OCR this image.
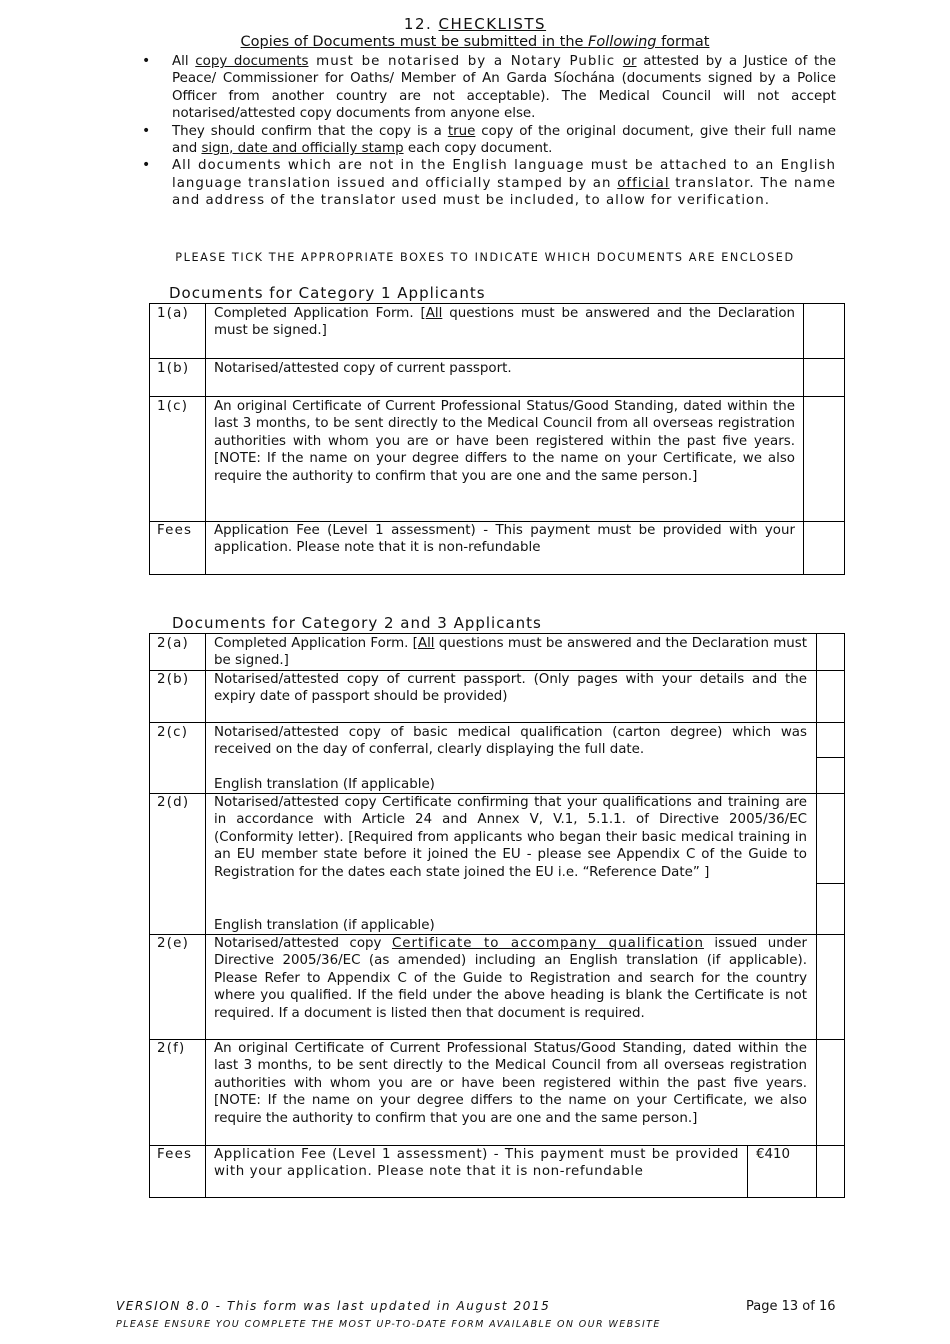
12. CHECKLISTS
Copies of Documents must be submitted in the Following format
• All copy documents must be notarised by a Notary Public or attested by a Justice of the Peace/ Commissioner for Oaths/ Member of An Garda Síochána (documents signed by a Police Officer from another country are not acceptable). The Medical Council will not accept notarised/attested copy documents from anyone else.
• They should confirm that the copy is a true copy of the original document, give their full name and sign, date and officially stamp each copy document.
• All documents which are not in the English language must be attached to an English language translation issued and officially stamped by an official translator. The name and address of the translator used must be included, to allow for verification.
PLEASE TICK THE APPROPRIATE BOXES TO INDICATE WHICH DOCUMENTS ARE ENCLOSED
Documents for Category 1 Applicants
1(a) Completed Application Form. [All questions must be answered and the Declaration must be signed.]
1(b) Notarised/attested copy of current passport.
1(c) An original Certificate of Current Professional Status/Good Standing, dated within the last 3 months, to be sent directly to the Medical Council from all overseas registration authorities with whom you are or have been registered within the past five years. [NOTE: If the name on your degree differs to the name on your Certificate, we also require the authority to confirm that you are one and the same person.]
Fees Application Fee (Level 1 assessment) - This payment must be provided with your application. Please note that it is non-refundable
Documents for Category 2 and 3 Applicants
2(a) Completed Application Form. [All questions must be answered and the Declaration must be signed.]
2(b) Notarised/attested copy of current passport. (Only pages with your details and the expiry date of passport should be provided)
2(c) Notarised/attested copy of basic medical qualification (carton degree) which was received on the day of conferral, clearly displaying the full date.
English translation (If applicable)
2(d) Notarised/attested copy Certificate confirming that your qualifications and training are in accordance with Article 24 and Annex V, V.1, 5.1.1. of Directive 2005/36/EC (Conformity letter). [Required from applicants who began their basic medical training in an EU member state before it joined the EU - please see Appendix C of the Guide to Registration for the dates each state joined the EU i.e. “Reference Date” ]
English translation (if applicable)
2(e) Notarised/attested copy Certificate to accompany qualification issued under Directive 2005/36/EC (as amended) including an English translation (if applicable). Please Refer to Appendix C of the Guide to Registration and search for the country where you qualified. If the field under the above heading is blank the Certificate is not required. If a document is listed then that document is required.
2(f) An original Certificate of Current Professional Status/Good Standing, dated within the last 3 months, to be sent directly to the Medical Council from all overseas registration authorities with whom you are or have been registered within the past five years. [NOTE: If the name on your degree differs to the name on your Certificate, we also require the authority to confirm that you are one and the same person.]
Fees Application Fee (Level 1 assessment) - This payment must be provided with your application. Please note that it is non-refundable
€410
VERSION 8.0 - This form was last updated in August 2015
PLEASE ENSURE YOU COMPLETE THE MOST UP-TO-DATE FORM AVAILABLE ON OUR WEBSITE
Page 13 of 16
